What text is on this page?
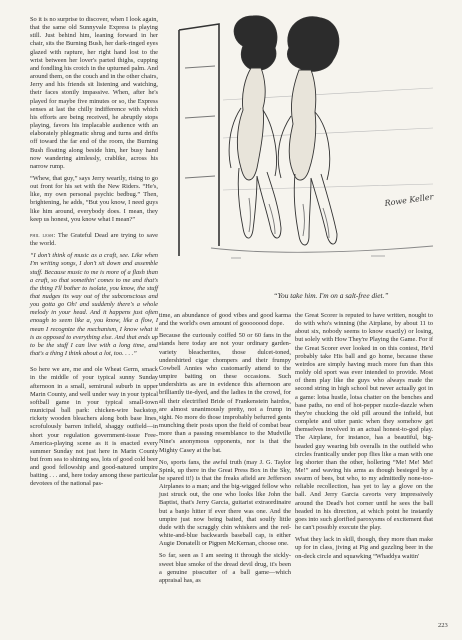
So it is no surprise to discover, when I look again, that the same old Sunnyvale Express is playing still. Just behind him, leaning forward in her chair, sits the Burning Bush, her dark-ringed eyes glazed with rapture, her right hand lost to the wrist between her lover's parted thighs, cupping and fondling his crotch in the upturned palm. And around them, on the couch and in the other chairs, Jerry and his friends sit listening and watching, their faces stonily impassive. When, after he's played for maybe five minutes or so, the Express senses at last the chilly indifference with which his efforts are being received, he abruptly stops playing, favors his implacable audience with an elaborately phlegmatic shrug and turns and drifts off toward the far end of the room, the Burning Bush floating along beside him, her busy hand now wandering aimlessly, crablike, across his narrow rump.

“Whew, that guy,” says Jerry wearily, rising to go out front for his set with the New Riders. “He's, like, my own personal psychic bedbug.” Then, brightening, he adds, “But you know, I need guys like him around, everybody does. I mean, they keep us honest, you know what I mean?”

phil lesh: The Grateful Dead are trying to save the world.

“I don't think of music as a craft, see. Like when I'm writing songs, I don't sit down and assemble stuff. Because music to me is more of a flash than a craft, so that somethin' comes to me and that's the thing I'll bother to isolate, you know, the stuff that nudges its way out of the subconscious and you gotta go Oh! and suddenly there's a whole melody in your head. And it happens just often enough to seem like a, you know, like a flow, I mean I recognize the mechanism, I know what it is as opposed to everything else. And that ends up to be the stuff I can live with a long time, and that's a thing I think about a lot, too. . . .”

So here we are, me and ole Wheat Germ, smack in the middle of your typical sunny Sunday afternoon in a small, semirural suburb in upper Marin County, and well under way in your typical softball game in your typical small-town municipal ball park: chicken-wire backstop, rickety wooden bleachers along both base lines, scrofulously barren infield, shaggy outfield—in short your regulation government-issue Free-America-playing scene as it is enacted every summer Sunday not just here in Marin County but from sea to shining sea, lots of good cold beer and good fellowship and good-natured umpire baiting . . . and, here today among these particular devotees of the national pas-

Rowe Keller
“You take him. I'm on a salt-free diet.”

time, an abundance of good vibes and good karma and the world's own amount of goooooood dope.

Because the curiously coiffed 50 or 60 fans in the stands here today are not your ordinary garden-variety bleacherites, those dulcet-toned, undershirted cigar chompers and their frumpy Cowbell Annies who customarily attend to the umpire baiting on these occasions. Such undershirts as are in evidence this afternoon are brilliantly tie-dyed, and the ladies in the crowd, for all their electrified Bride of Frankenstein hairdos, are almost unanimously pretty, not a frump in sight. No more do those improbably befurred gents munching their posts upon the field of combat bear more than a passing resemblance to the Mudville Nine's anonymous opponents, nor is that the Mighty Casey at the bat.

No, sports fans, the awful truth (may J. G. Taylor Spink, up there in the Great Press Box in the Sky, be spared it!) is that the freaks afield are Jefferson Airplanes to a man; and the big-wigged fellow who just struck out, the one who looks like John the Baptist, that's Jerry Garcia, guitarist extraordinaire but a banjo hitter if ever there was one. And the umpire just now being baited, that soulfy little dude with the scraggly chin whiskers and the red-white-and-blue backwards baseball cap, is either Augie Donatelli or Pigpen McKernan, choose one.

So far, seen as I am seeing it through the sickly-sweet blue smoke of the dread devil drug, it's been a genuine pisscutter of a ball game—which appraisal has, as

the Great Scorer is reputed to have written, nought to do with who's winning (the Airplane, by about 11 to about six, nobody seems to know exactly) or losing, but solely with How They're Playing the Game. For if the Great Scorer ever looked in on this contest, He'd probably take His ball and go home, because these weirdos are simply having much more fun than this moldy old sport was ever intended to provide. Most of them play like the guys who always made the second string in high school but never actually got in a game: lotsa hustle, lotsa chatter on the benches and base paths, no end of hot-pepper razzle-dazzle when they're chucking the old pill around the infield, but complete and utter panic when they somehow get themselves involved in an actual honest-to-god play. The Airplane, for instance, has a beautiful, big-headed guy wearing bib overalls in the outfield who circles frantically under pop flies like a man with one leg shorter than the other, hollering “Me! Me! Me! Me!” and waving his arms as though besieged by a swarm of bees, but who, to my admittedly none-too-reliable recollection, has yet to lay a glove on the ball. And Jerry Garcia cavorts very impressively around the Dead's hot corner until he sees the ball headed in his direction, at which point he instantly goes into such glorified paroxysms of excitement that he can't possibly execute the play.

What they lack in skill, though, they more than make up for in class, jiving at Pig and guzzling beer in the on-deck circle and squawking “Whaddya waitin'

223
